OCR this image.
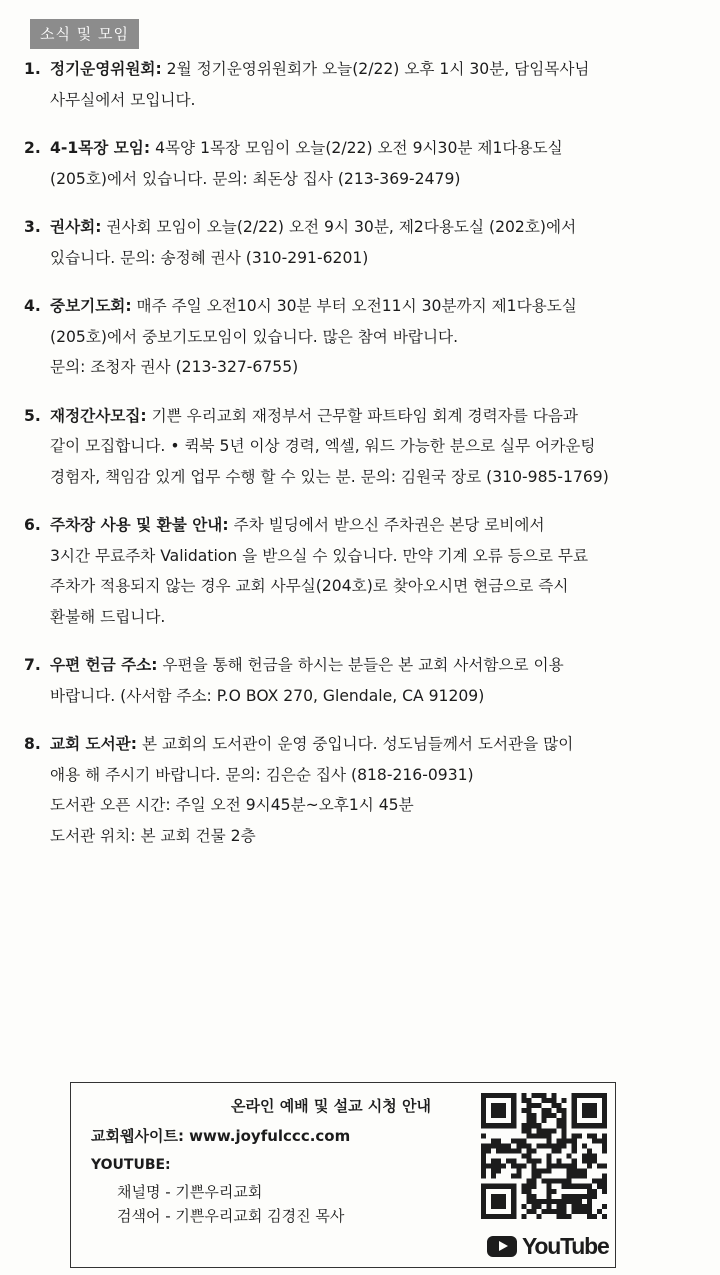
소식 및 모임
1. 정기운영위원회: 2월 정기운영위원회가 오늘(2/22) 오후 1시 30분, 담임목사님
사무실에서 모입니다.
2. 4-1목장 모임: 4목양 1목장 모임이 오늘(2/22) 오전 9시30분 제1다용도실
(205호)에서 있습니다. 문의: 최돈상 집사 (213-369-2479)
3. 권사회: 권사회 모임이 오늘(2/22) 오전 9시 30분, 제2다용도실 (202호)에서
있습니다. 문의: 송정혜 권사 (310-291-6201)
4. 중보기도회: 매주 주일 오전10시 30분 부터 오전11시 30분까지 제1다용도실
(205호)에서 중보기도모임이 있습니다. 많은 참여 바랍니다.
문의: 조청자 권사 (213-327-6755)
5. 재정간사모집: 기쁜 우리교회 재정부서 근무할 파트타임 회계 경력자를 다음과
같이 모집합니다. • 퀵북 5년 이상 경력, 엑셀, 워드 가능한 분으로 실무 어카운팅
경험자, 책임감 있게 업무 수행 할 수 있는 분. 문의: 김원국 장로 (310-985-1769)
6. 주차장 사용 및 환불 안내: 주차 빌딩에서 받으신 주차권은 본당 로비에서
3시간 무료주차 Validation 을 받으실 수 있습니다. 만약 기계 오류 등으로 무료
주차가 적용되지 않는 경우 교회 사무실(204호)로 찾아오시면 현금으로 즉시
환불해 드립니다.
7. 우편 헌금 주소: 우편을 통해 헌금을 하시는 분들은 본 교회 사서함으로 이용
바랍니다. (사서함 주소: P.O BOX 270, Glendale, CA 91209)
8. 교회 도서관: 본 교회의 도서관이 운영 중입니다. 성도님들께서 도서관을 많이
애용 해 주시기 바랍니다. 문의: 김은순 집사 (818-216-0931)
도서관 오픈 시간: 주일 오전 9시45분~오후1시 45분
도서관 위치: 본 교회 건물 2층
온라인 예배 및 설교 시청 안내
교회웹사이트: www.joyfulccc.com
YOUTUBE:
채널명 - 기쁜우리교회
검색어 - 기쁜우리교회 김경진 목사
YouTube
